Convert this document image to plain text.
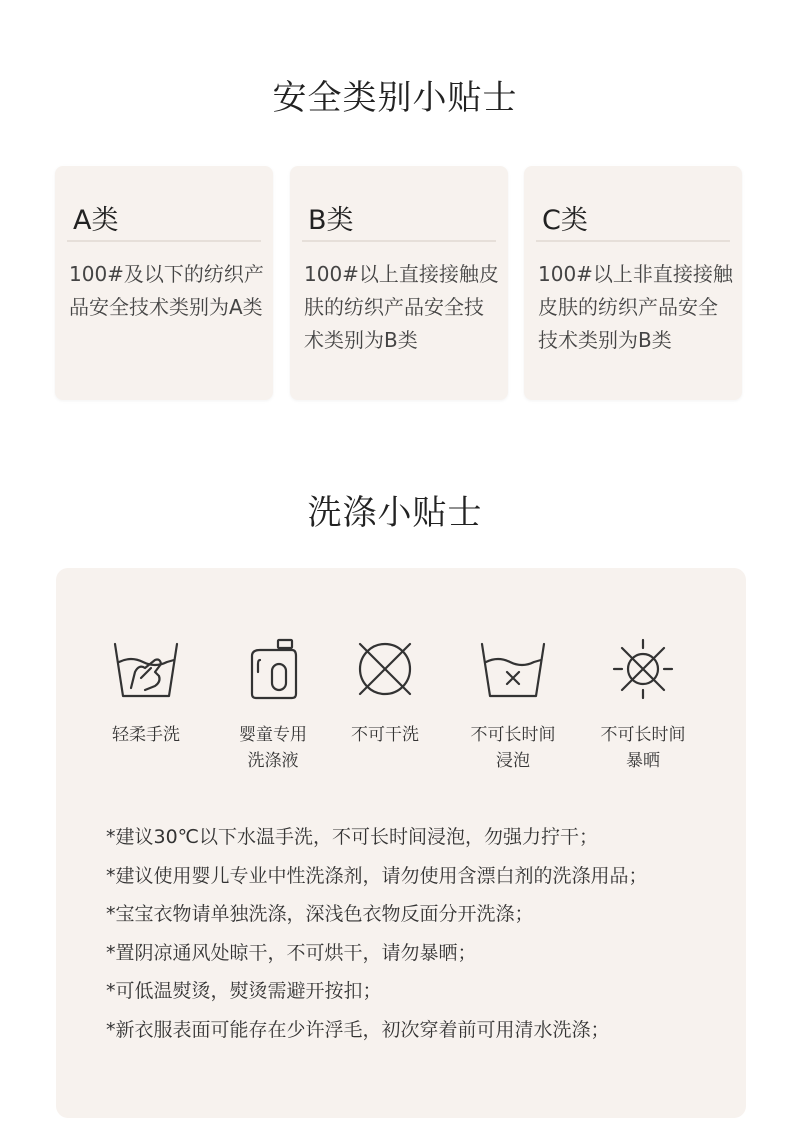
安全类别小贴士
A类
100#及以下的纺织产品安全技术类别为A类
B类
100#以上直接接触皮肤的纺织产品安全技术类别为B类
C类
100#以上非直接接触皮肤的纺织产品安全技术类别为B类
洗涤小贴士
轻柔手洗	婴童专用
洗涤液
不可干洗	不可长时间
浸泡
不可长时间
暴晒
*建议30℃以下水温手洗，不可长时间浸泡，勿强力拧干；
*建议使用婴儿专业中性洗涤剂，请勿使用含漂白剂的洗涤用品；
*宝宝衣物请单独洗涤，深浅色衣物反面分开洗涤；
*置阴凉通风处晾干，不可烘干，请勿暴晒；
*可低温熨烫，熨烫需避开按扣；
*新衣服表面可能存在少许浮毛，初次穿着前可用清水洗涤；
